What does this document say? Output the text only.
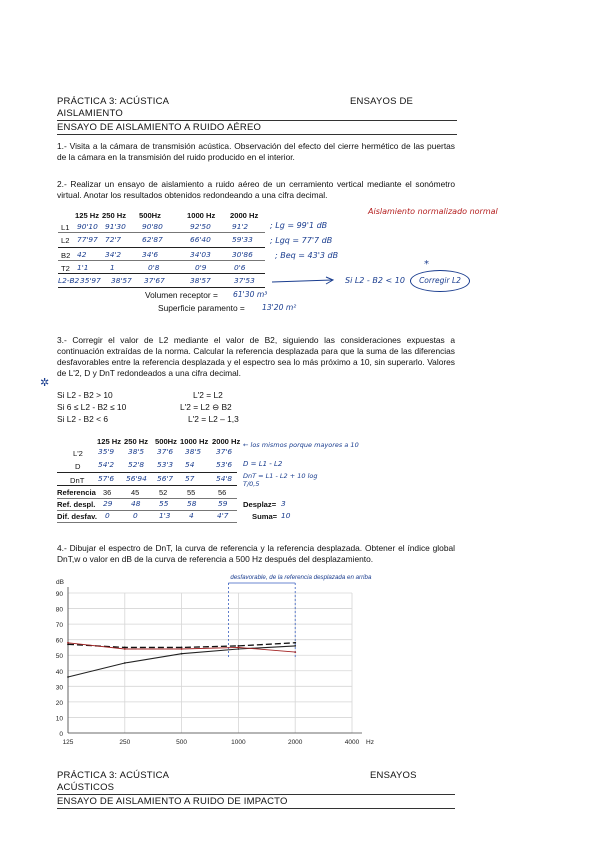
PRÁCTICA 3: ACÚSTICA	ENSAYOS DE
AISLAMIENTO
ENSAYO DE AISLAMIENTO A RUIDO AÉREO
1.- Visita a la cámara de transmisión acústica. Observación del efecto del cierre hermético de las puertas de la cámara en la transmisión del ruido producido en el interior.
2.- Realizar un ensayo de aislamiento a ruido aéreo de un cerramiento vertical mediante el sonómetro virtual. Anotar los resultados obtenidos redondeando a una cifra decimal.
125 Hz 250 Hz 500Hz	1000 Hz 2000 Hz
L1 90'10 91'30 90'80	92'50	91'2
L2 77'97 72'7	62'87	66'40	59'33
B2 42	34'2	34'6	34'03	30'86
T2 1'1	1	0'8	0'9	0'6
L2-B2 35'97 38'57 37'67	38'57	37'53
; Lg = 99'1 dB
; Lgq = 77'7 dB
; Beq = 43'3 dB
Aislamiento normalizado normal
*
Si L2 - B2 < 10	Corregir L2
Volumen receptor = 61'30 m³
Superficie paramento = 13'20 m²
3.- Corregir el valor de L2 mediante el valor de B2, siguiendo las consideraciones expuestas a continuación extraídas de la norma. Calcular la referencia desplazada para que la suma de las diferencias desfavorables entre la referencia desplazada y el espectro sea lo más próximo a 10, sin superarlo. Valores de L'2, D y DnT redondeados a una cifra decimal.
✲
Si L2 - B2 > 10	L'2 = L2
Si 6 ≤ L2 - B2 ≤ 10	L'2 = L2 ⊖ B2
Si L2 - B2 < 6	L'2 = L2 – 1,3
125 Hz 250 Hz 500Hz 1000 Hz 2000 Hz
L'2 35'9 38'5 37'6 38'5 37'6
← los mismos porque mayores a 10
D 54'2 52'8 53'3 54	53'6 D = L1 - L2
DnT 57'6 56'94 56'7 57	54'8 DnT = L1 - L2 + 10 log T/0,5
Referencia 36	45	52	55	56
Ref. despl. 29	48	55	58	59 Desplaz= 3
Dif. desfav. 0	0	1'3	4	4'7	Suma= 10
4.- Dibujar el espectro de DnT, la curva de referencia y la referencia desplazada. Obtener el índice global DnT,w o valor en dB de la curva de referencia a 500 Hz después del desplazamiento.
0
10
20
30
40
50
60
70
80
90
125	250	500	1000	2000	4000
dB
Hz
desfavorable, de la referencia desplazada en arriba
PRÁCTICA 3: ACÚSTICA	ENSAYOS
ACÚSTICOS
ENSAYO DE AISLAMIENTO A RUIDO DE IMPACTO
